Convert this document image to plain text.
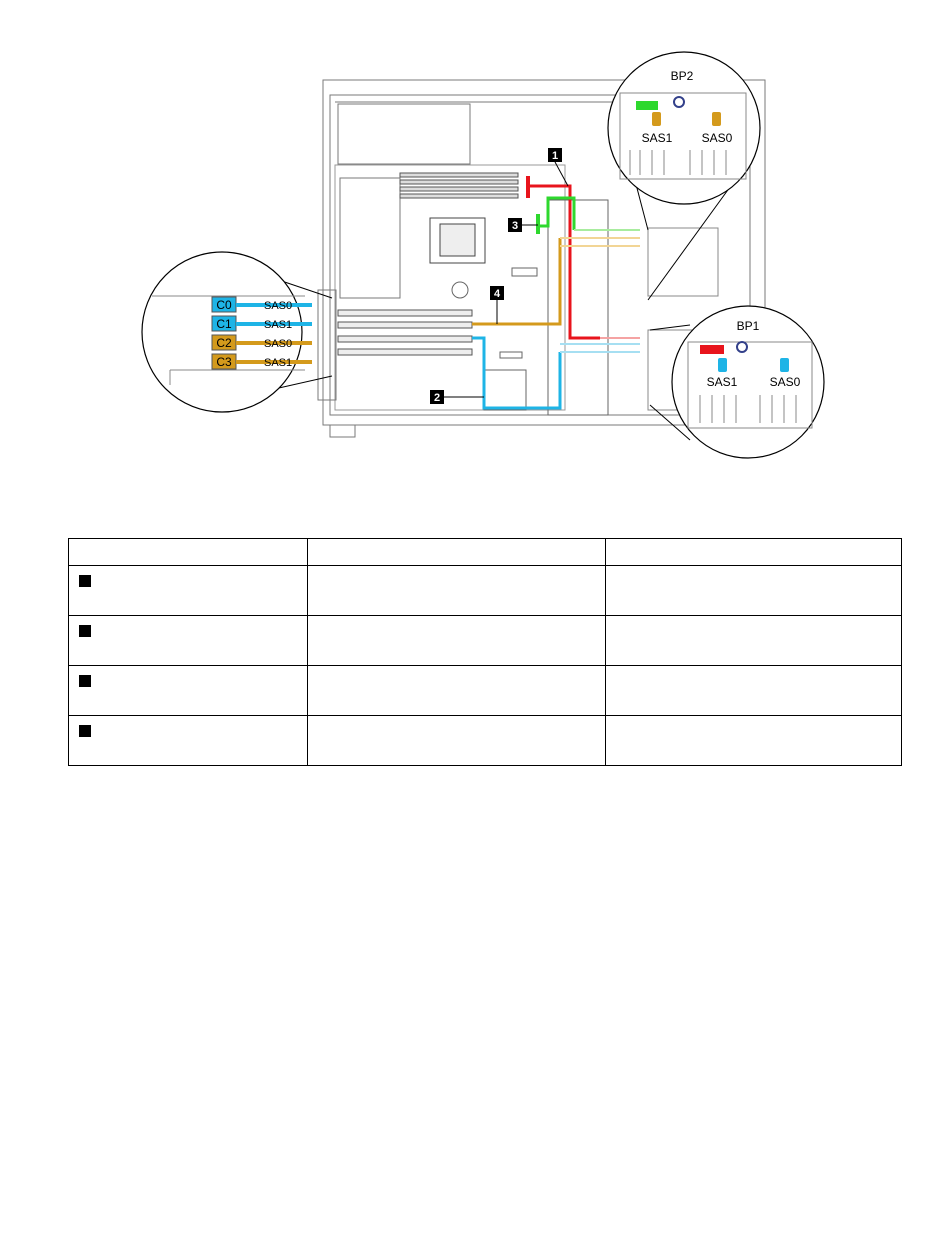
1
2
3
4
BP2
SAS1 SAS0
BP1
SAS1	SAS0
C0	SAS0
C1	SAS1
C2	SAS0
C3	SAS1
